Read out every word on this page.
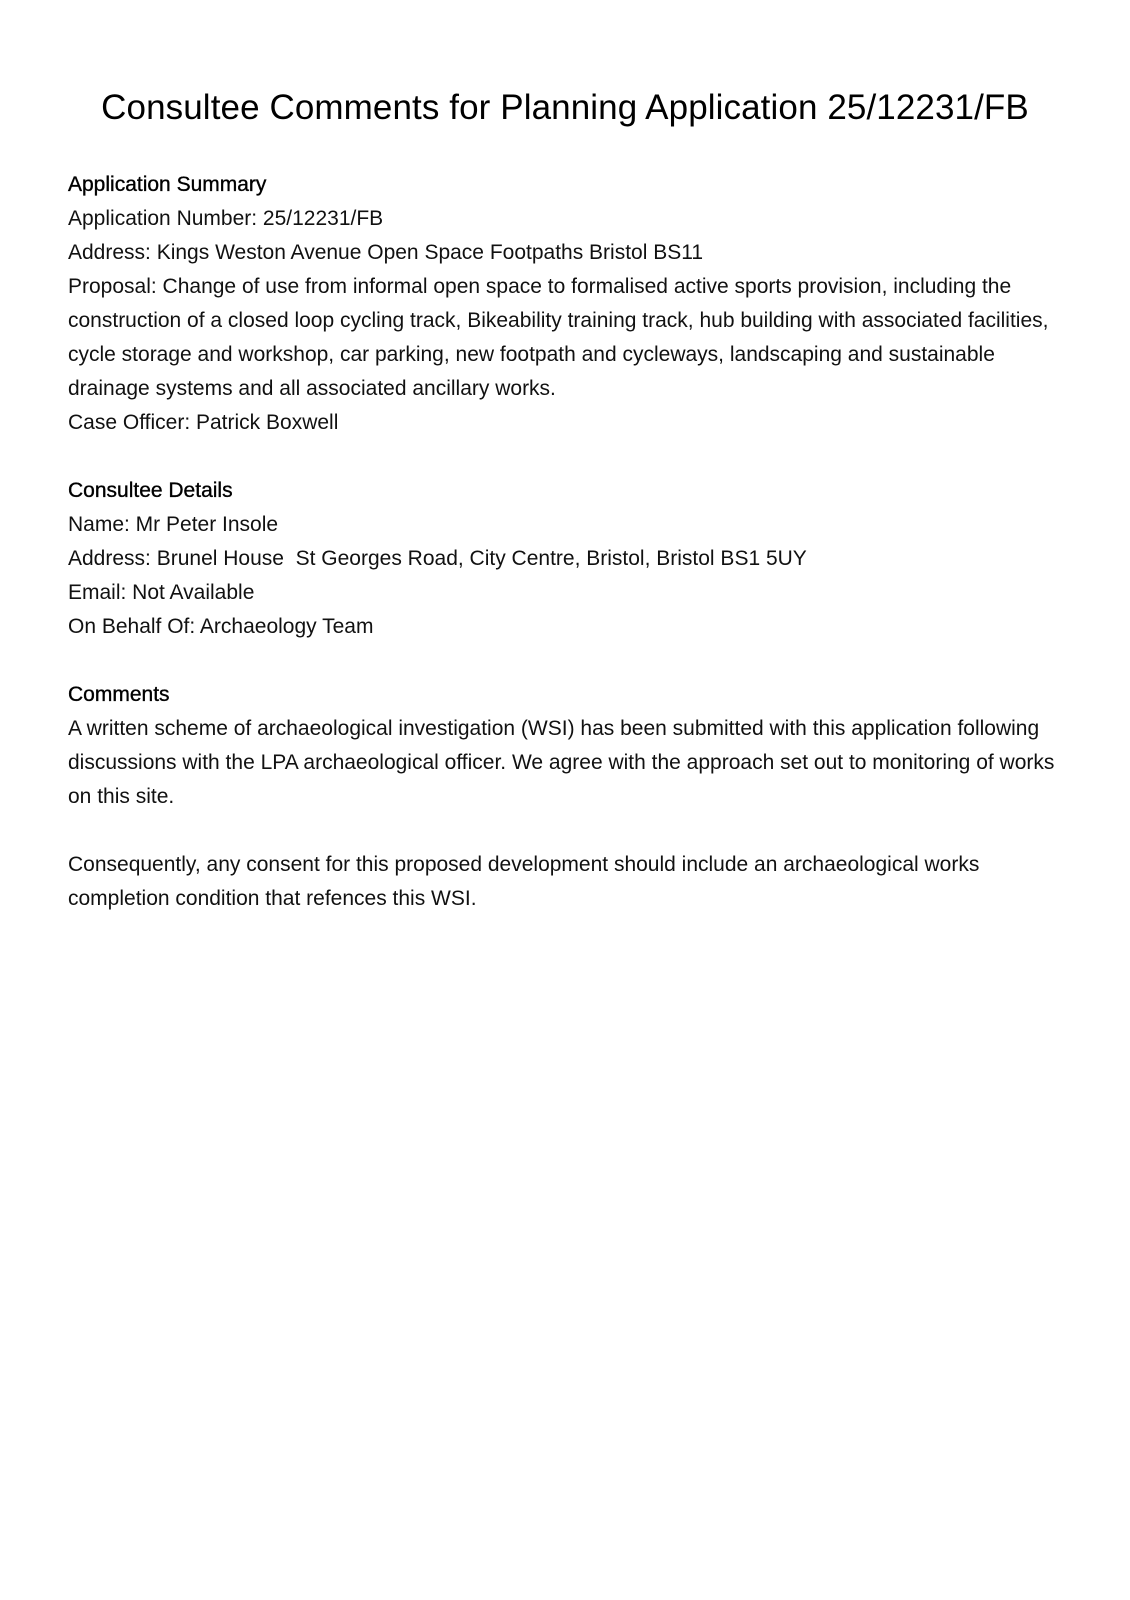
Consultee Comments for Planning Application 25/12231/FB
Application Summary

Application Number: 25/12231/FB

Address: Kings Weston Avenue Open Space Footpaths Bristol BS11

Proposal: Change of use from informal open space to formalised active sports provision, including the construction of a closed loop cycling track, Bikeability training track, hub building with associated facilities, cycle storage and workshop, car parking, new footpath and cycleways, landscaping and sustainable drainage systems and all associated ancillary works.

Case Officer: Patrick Boxwell

Consultee Details

Name: Mr Peter Insole

Address: Brunel House  St Georges Road, City Centre, Bristol, Bristol BS1 5UY

Email: Not Available

On Behalf Of: Archaeology Team

Comments

A written scheme of archaeological investigation (WSI) has been submitted with this application following discussions with the LPA archaeological officer. We agree with the approach set out to monitoring of works on this site.

Consequently, any consent for this proposed development should include an archaeological works completion condition that refences this WSI.
